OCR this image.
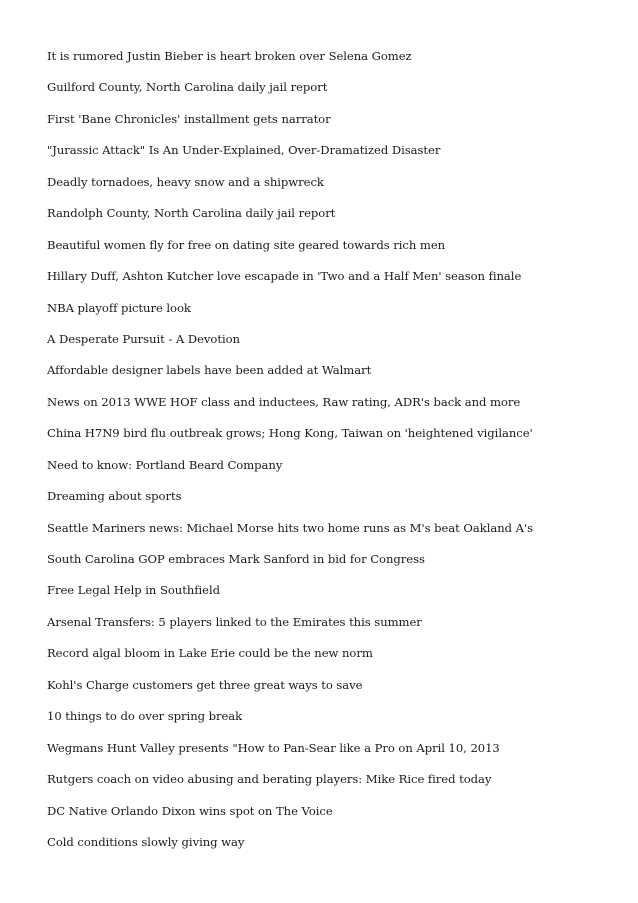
It is rumored Justin Bieber is heart broken over Selena Gomez
Guilford County, North Carolina daily jail report
First 'Bane Chronicles' installment gets narrator
"Jurassic Attack" Is An Under-Explained, Over-Dramatized Disaster
Deadly tornadoes, heavy snow and a shipwreck
Randolph County, North Carolina daily jail report
Beautiful women fly for free on dating site geared towards rich men
Hillary Duff, Ashton Kutcher love escapade in 'Two and a Half Men' season finale
NBA playoff picture look
A Desperate Pursuit - A Devotion
Affordable designer labels have been added at Walmart
News on 2013 WWE HOF class and inductees, Raw rating, ADR's back and more
China H7N9 bird flu outbreak grows; Hong Kong, Taiwan on 'heightened vigilance'
Need to know: Portland Beard Company
Dreaming about sports
Seattle Mariners news: Michael Morse hits two home runs as M's beat Oakland A's
South Carolina GOP embraces Mark Sanford in bid for Congress
Free Legal Help in Southfield
Arsenal Transfers: 5 players linked to the Emirates this summer
Record algal bloom in Lake Erie could be the new norm
Kohl's Charge customers get three great ways to save
10 things to do over spring break
Wegmans Hunt Valley presents "How to Pan-Sear like a Pro on April 10, 2013
Rutgers coach on video abusing and berating players: Mike Rice fired today
DC Native Orlando Dixon wins spot on The Voice
Cold conditions slowly giving way
